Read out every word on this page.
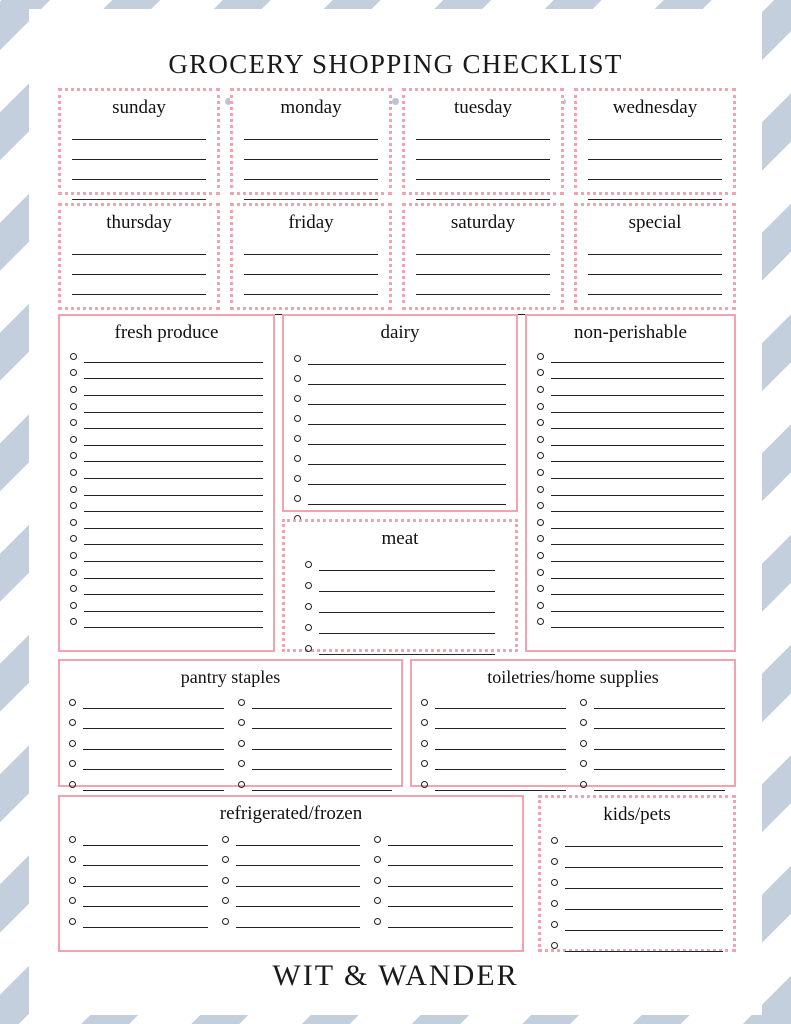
GROCERY SHOPPING CHECKLIST
sunday	monday	tuesday	wednesday
thursday	friday	saturday	special
fresh produce	dairy
meat
non-perishable
pantry staples	toiletries/home supplies
refrigerated/frozen	kids/pets
WIT & WANDER
